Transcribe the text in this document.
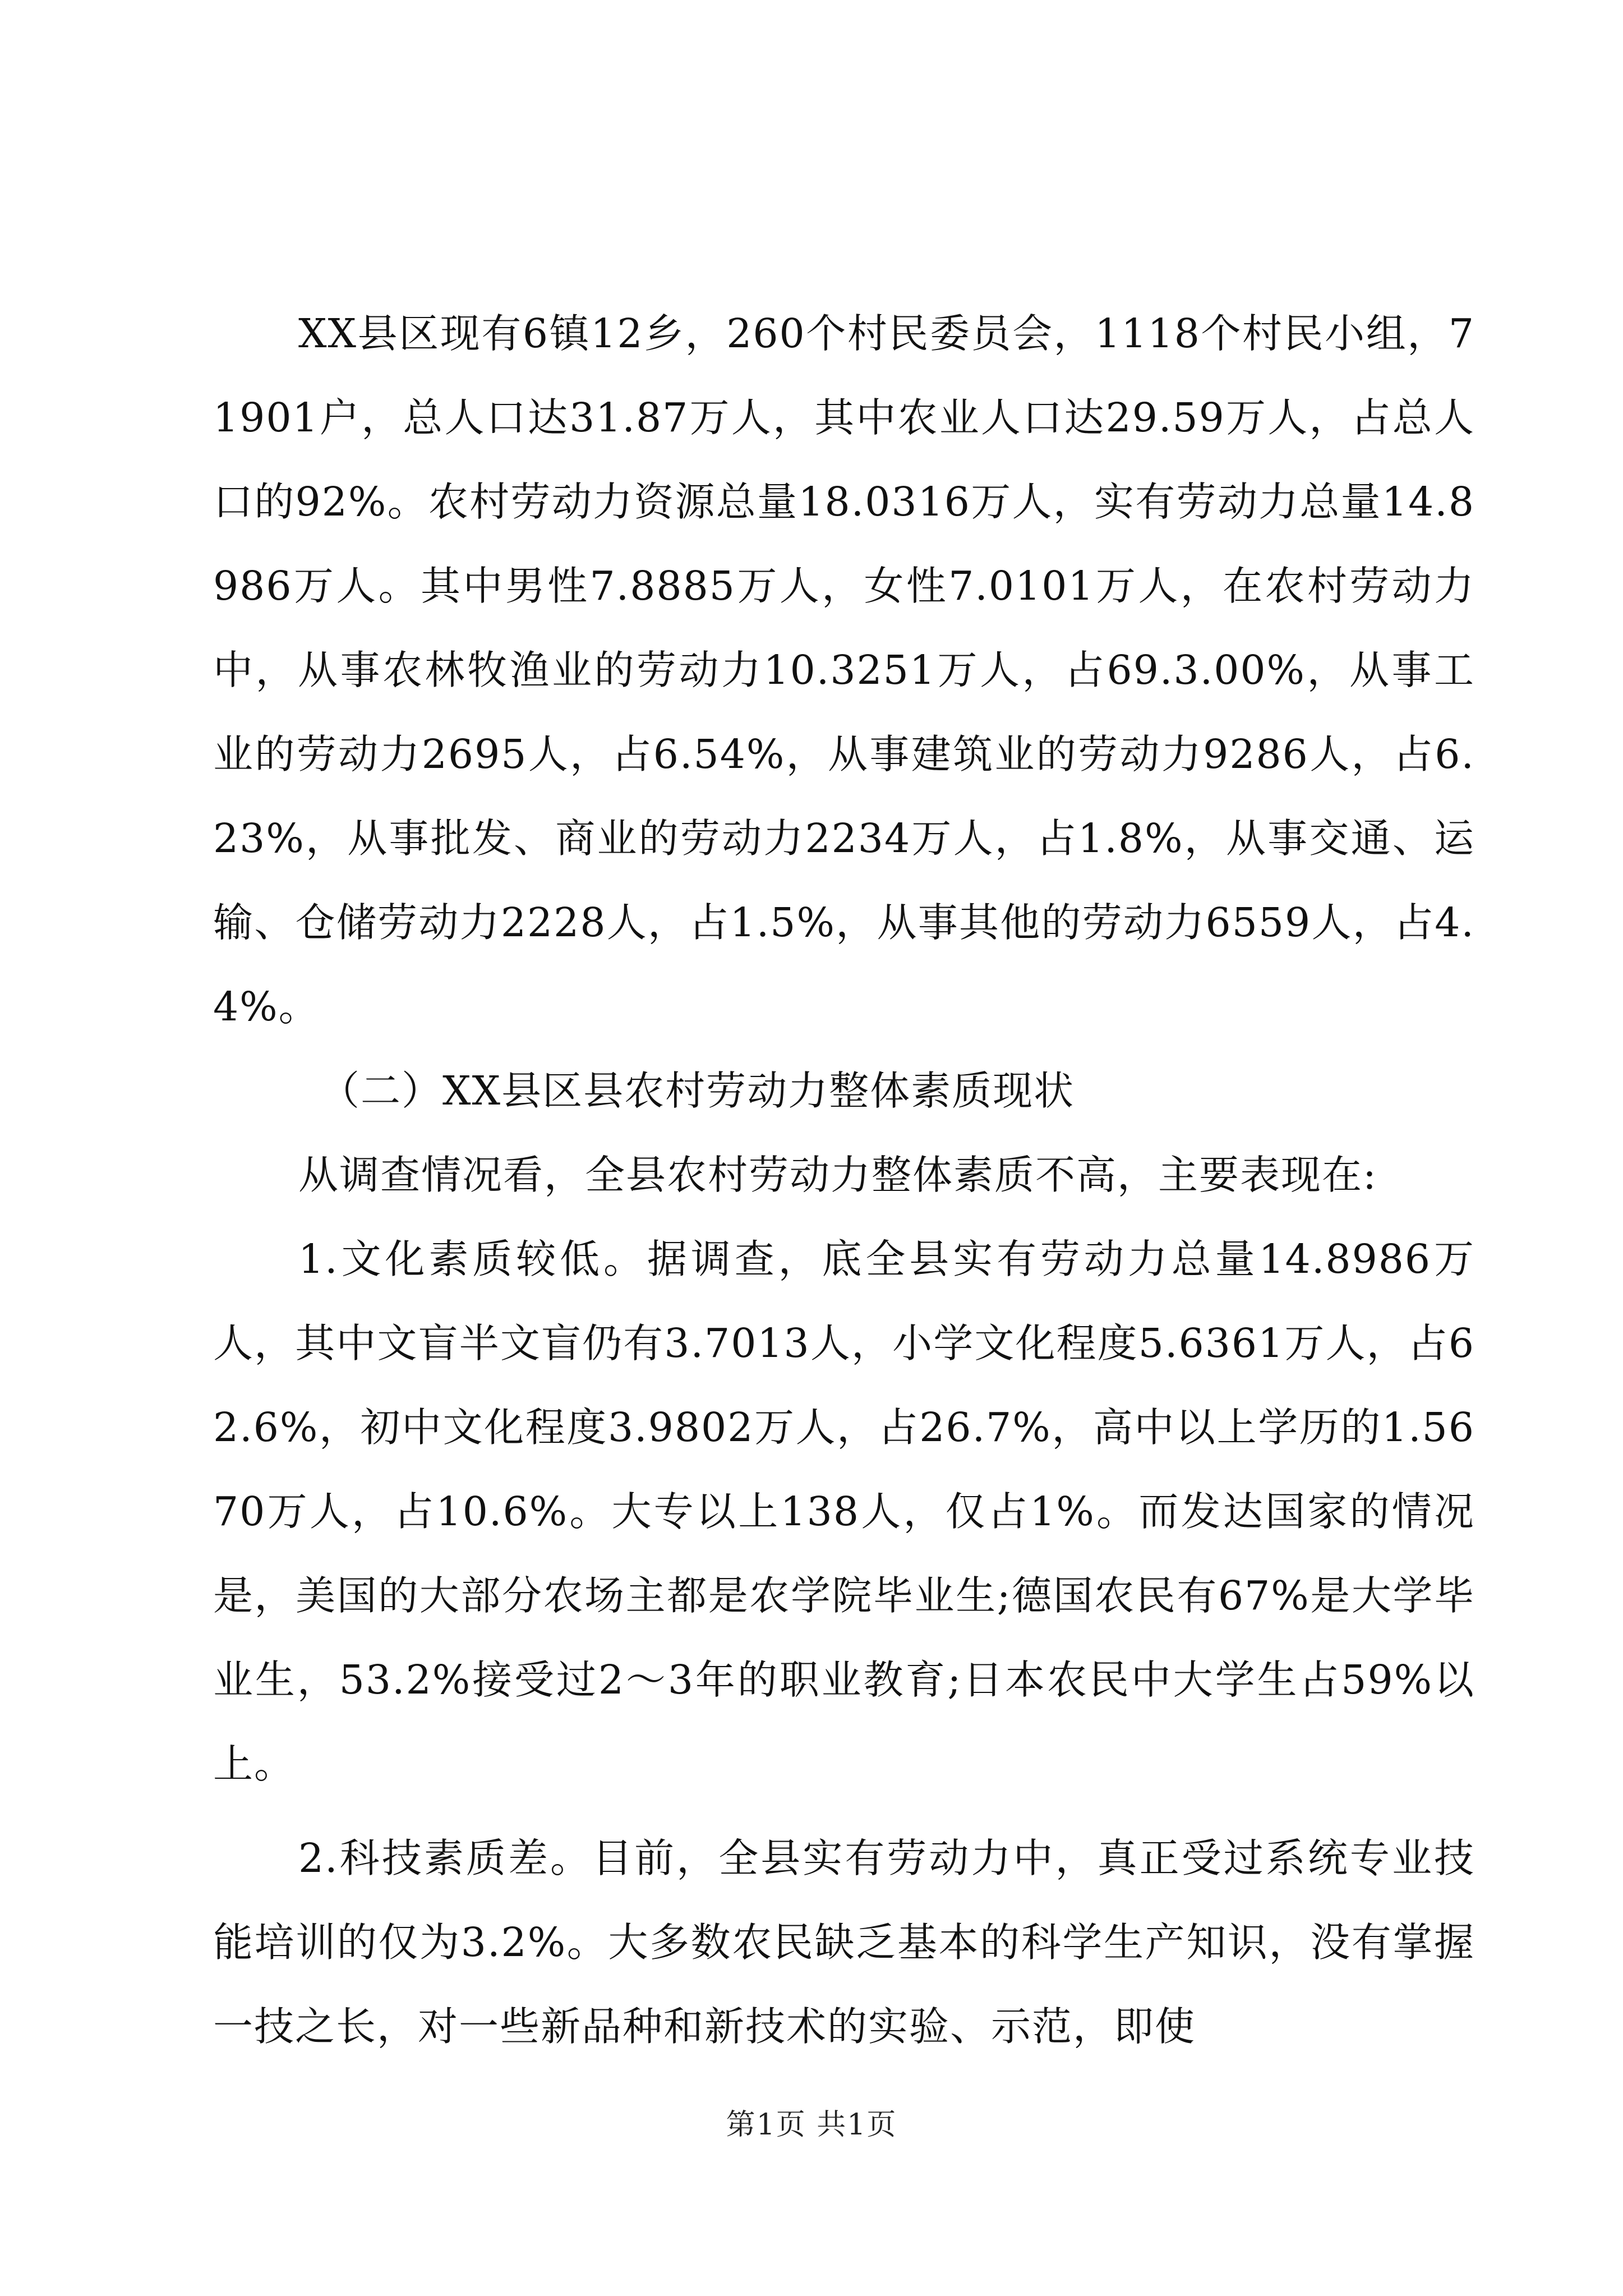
XX县区现有6镇12乡，260个村民委员会，1118个村民小组，71901户，总人口达31.87万人，其中农业人口达29.59万人，占总人口的92%。农村劳动力资源总量18.0316万人，实有劳动力总量14.8986万人。其中男性7.8885万人，女性7.0101万人，在农村劳动力中，从事农林牧渔业的劳动力10.3251万人，占69.3.00%，从事工业的劳动力2695人，占6.54%，从事建筑业的劳动力9286人，占6.23%，从事批发、商业的劳动力2234万人，占1.8%，从事交通、运输、仓储劳动力2228人，占1.5%，从事其他的劳动力6559人，占4.4%。

（二）XX县区县农村劳动力整体素质现状

从调查情况看，全县农村劳动力整体素质不高，主要表现在:

1.文化素质较低。据调查，底全县实有劳动力总量14.8986万人，其中文盲半文盲仍有3.7013人，小学文化程度5.6361万人，占62.6%，初中文化程度3.9802万人，占26.7%，高中以上学历的1.5670万人，占10.6%。大专以上138人，仅占1%。而发达国家的情况是，美国的大部分农场主都是农学院毕业生;德国农民有67%是大学毕业生，53.2%接受过2～3年的职业教育;日本农民中大学生占59%以上。

2.科技素质差。目前，全县实有劳动力中，真正受过系统专业技能培训的仅为3.2%。大多数农民缺乏基本的科学生产知识，没有掌握一技之长，对一些新品种和新技术的实验、示范，即使

第1页 共1页
